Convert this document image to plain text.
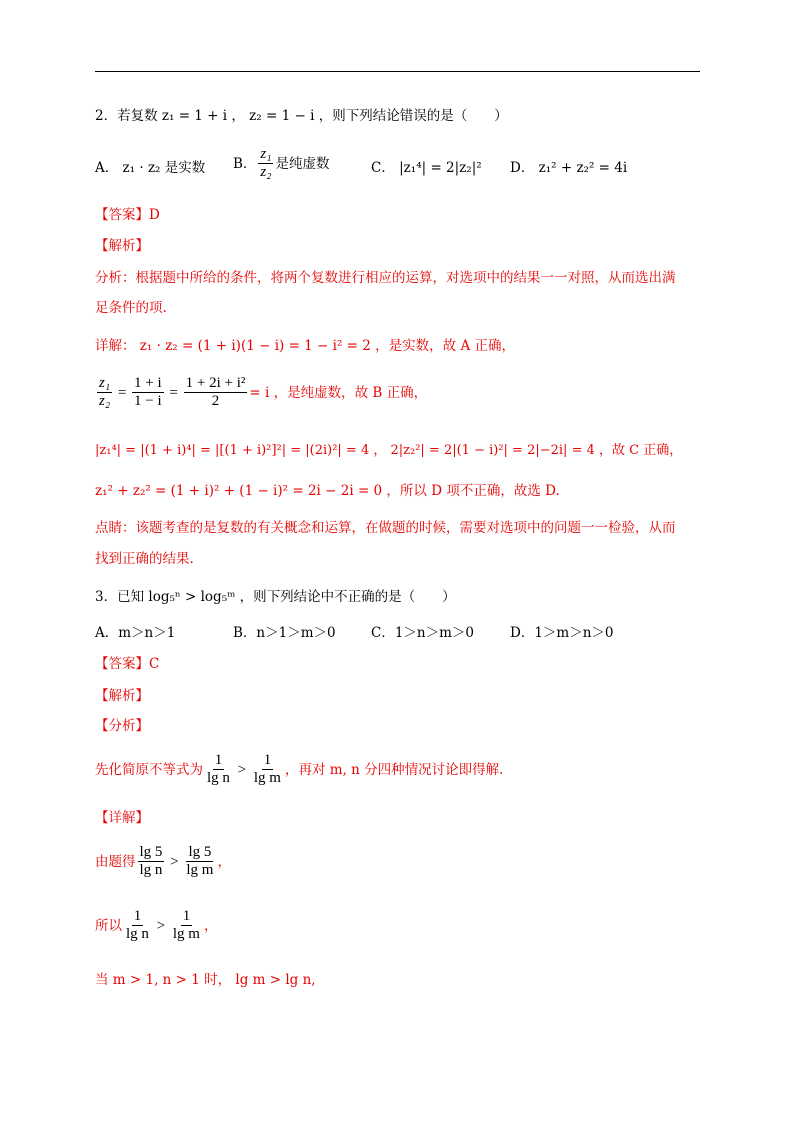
2．若复数 z₁ = 1 + i ， z₂ = 1 − i ，则下列结论错误的是（　　）
A． z₁ · z₂ 是实数 B． $\frac{\text{z₁}}{\text{z₂}}$ 是纯虚数	C． |z₁⁴| = 2|z₂|² D． z₁² + z₂² = 4i
【答案】D
【解析】
分析：根据题中所给的条件，将两个复数进行相应的运算，对选项中的结果一一对照，从而选出满
足条件的项.
详解： z₁ · z₂ = (1 + i)(1 − i) = 1 − i² = 2 ，是实数，故 A 正确，
$\frac{\text{z₁}}{\text{z₂}} = \frac{1 + i}{1 - i} = \frac{\text{1 + 2i + i²}}{2} = i$ ，是纯虚数，故 B 正确，
|z₁⁴| = |(1 + i)⁴| = |[(1 + i)²]²| = |(2i)²| = 4 ， 2|z₂²| = 2|(1 − i)²| = 2|−2i| = 4 ，故 C 正确，
z₁² + z₂² = (1 + i)² + (1 − i)² = 2i − 2i = 0 ，所以 D 项不正确，故选 D.
点睛：该题考查的是复数的有关概念和运算，在做题的时候，需要对选项中的问题一一检验，从而
找到正确的结果.
3．已知 log₅ⁿ > log₅ᵐ ，则下列结论中不正确的是（　　）
A．m＞n＞1	B．n＞1＞m＞0	C．1＞n＞m＞0	D．1＞m＞n＞0
【答案】C
【解析】
【分析】
先化简原不等式为 $\frac{1}{\text{lg n}} > \frac{1}{\text{lg m}}$ ，再对 m, n 分四种情况讨论即得解.
【详解】
由题得 $\frac{\lg 5}{\text{lg n}} > \frac{\lg 5}{\text{lg m}}$ ，
所以 $\frac{1}{\text{lg n}} > \frac{1}{\text{lg m}}$ ，
当 m > 1, n > 1 时， lg m > lg n,
